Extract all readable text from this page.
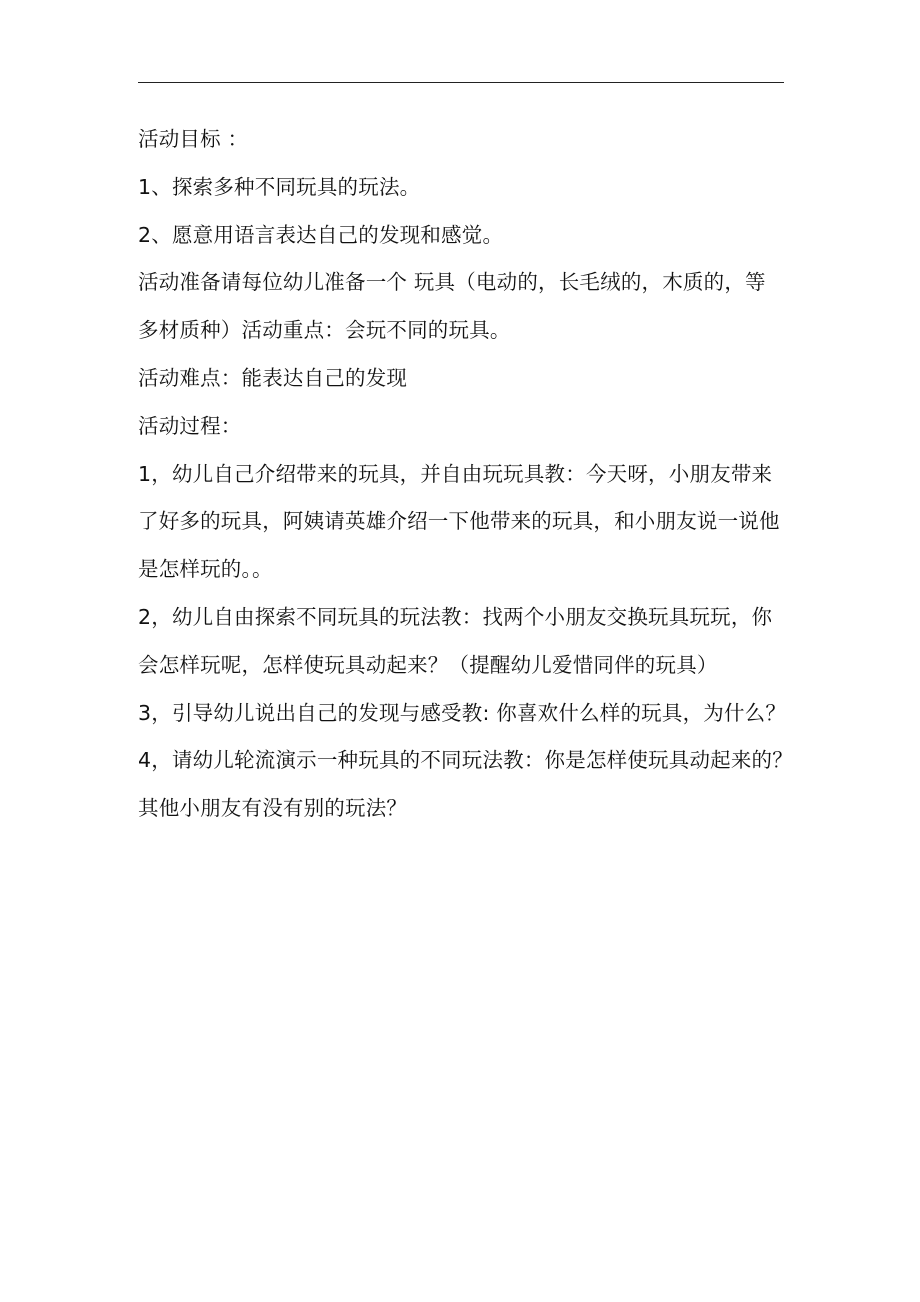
活动目标 ：
1、探索多种不同玩具的玩法。
2、愿意用语言表达自己的发现和感觉。
活动准备请每位幼儿准备一个 玩具（电动的，长毛绒的，木质的，等
多材质种）活动重点：会玩不同的玩具。
活动难点：能表达自己的发现
活动过程：
1，幼儿自己介绍带来的玩具，并自由玩玩具教：今天呀，小朋友带来
了好多的玩具，阿姨请英雄介绍一下他带来的玩具，和小朋友说一说他
是怎样玩的。。
2，幼儿自由探索不同玩具的玩法教：找两个小朋友交换玩具玩玩，你
会怎样玩呢，怎样使玩具动起来？（提醒幼儿爱惜同伴的玩具）
3，引导幼儿说出自己的发现与感受教: 你喜欢什么样的玩具，为什么？
4，请幼儿轮流演示一种玩具的不同玩法教：你是怎样使玩具动起来的？
其他小朋友有没有别的玩法？
